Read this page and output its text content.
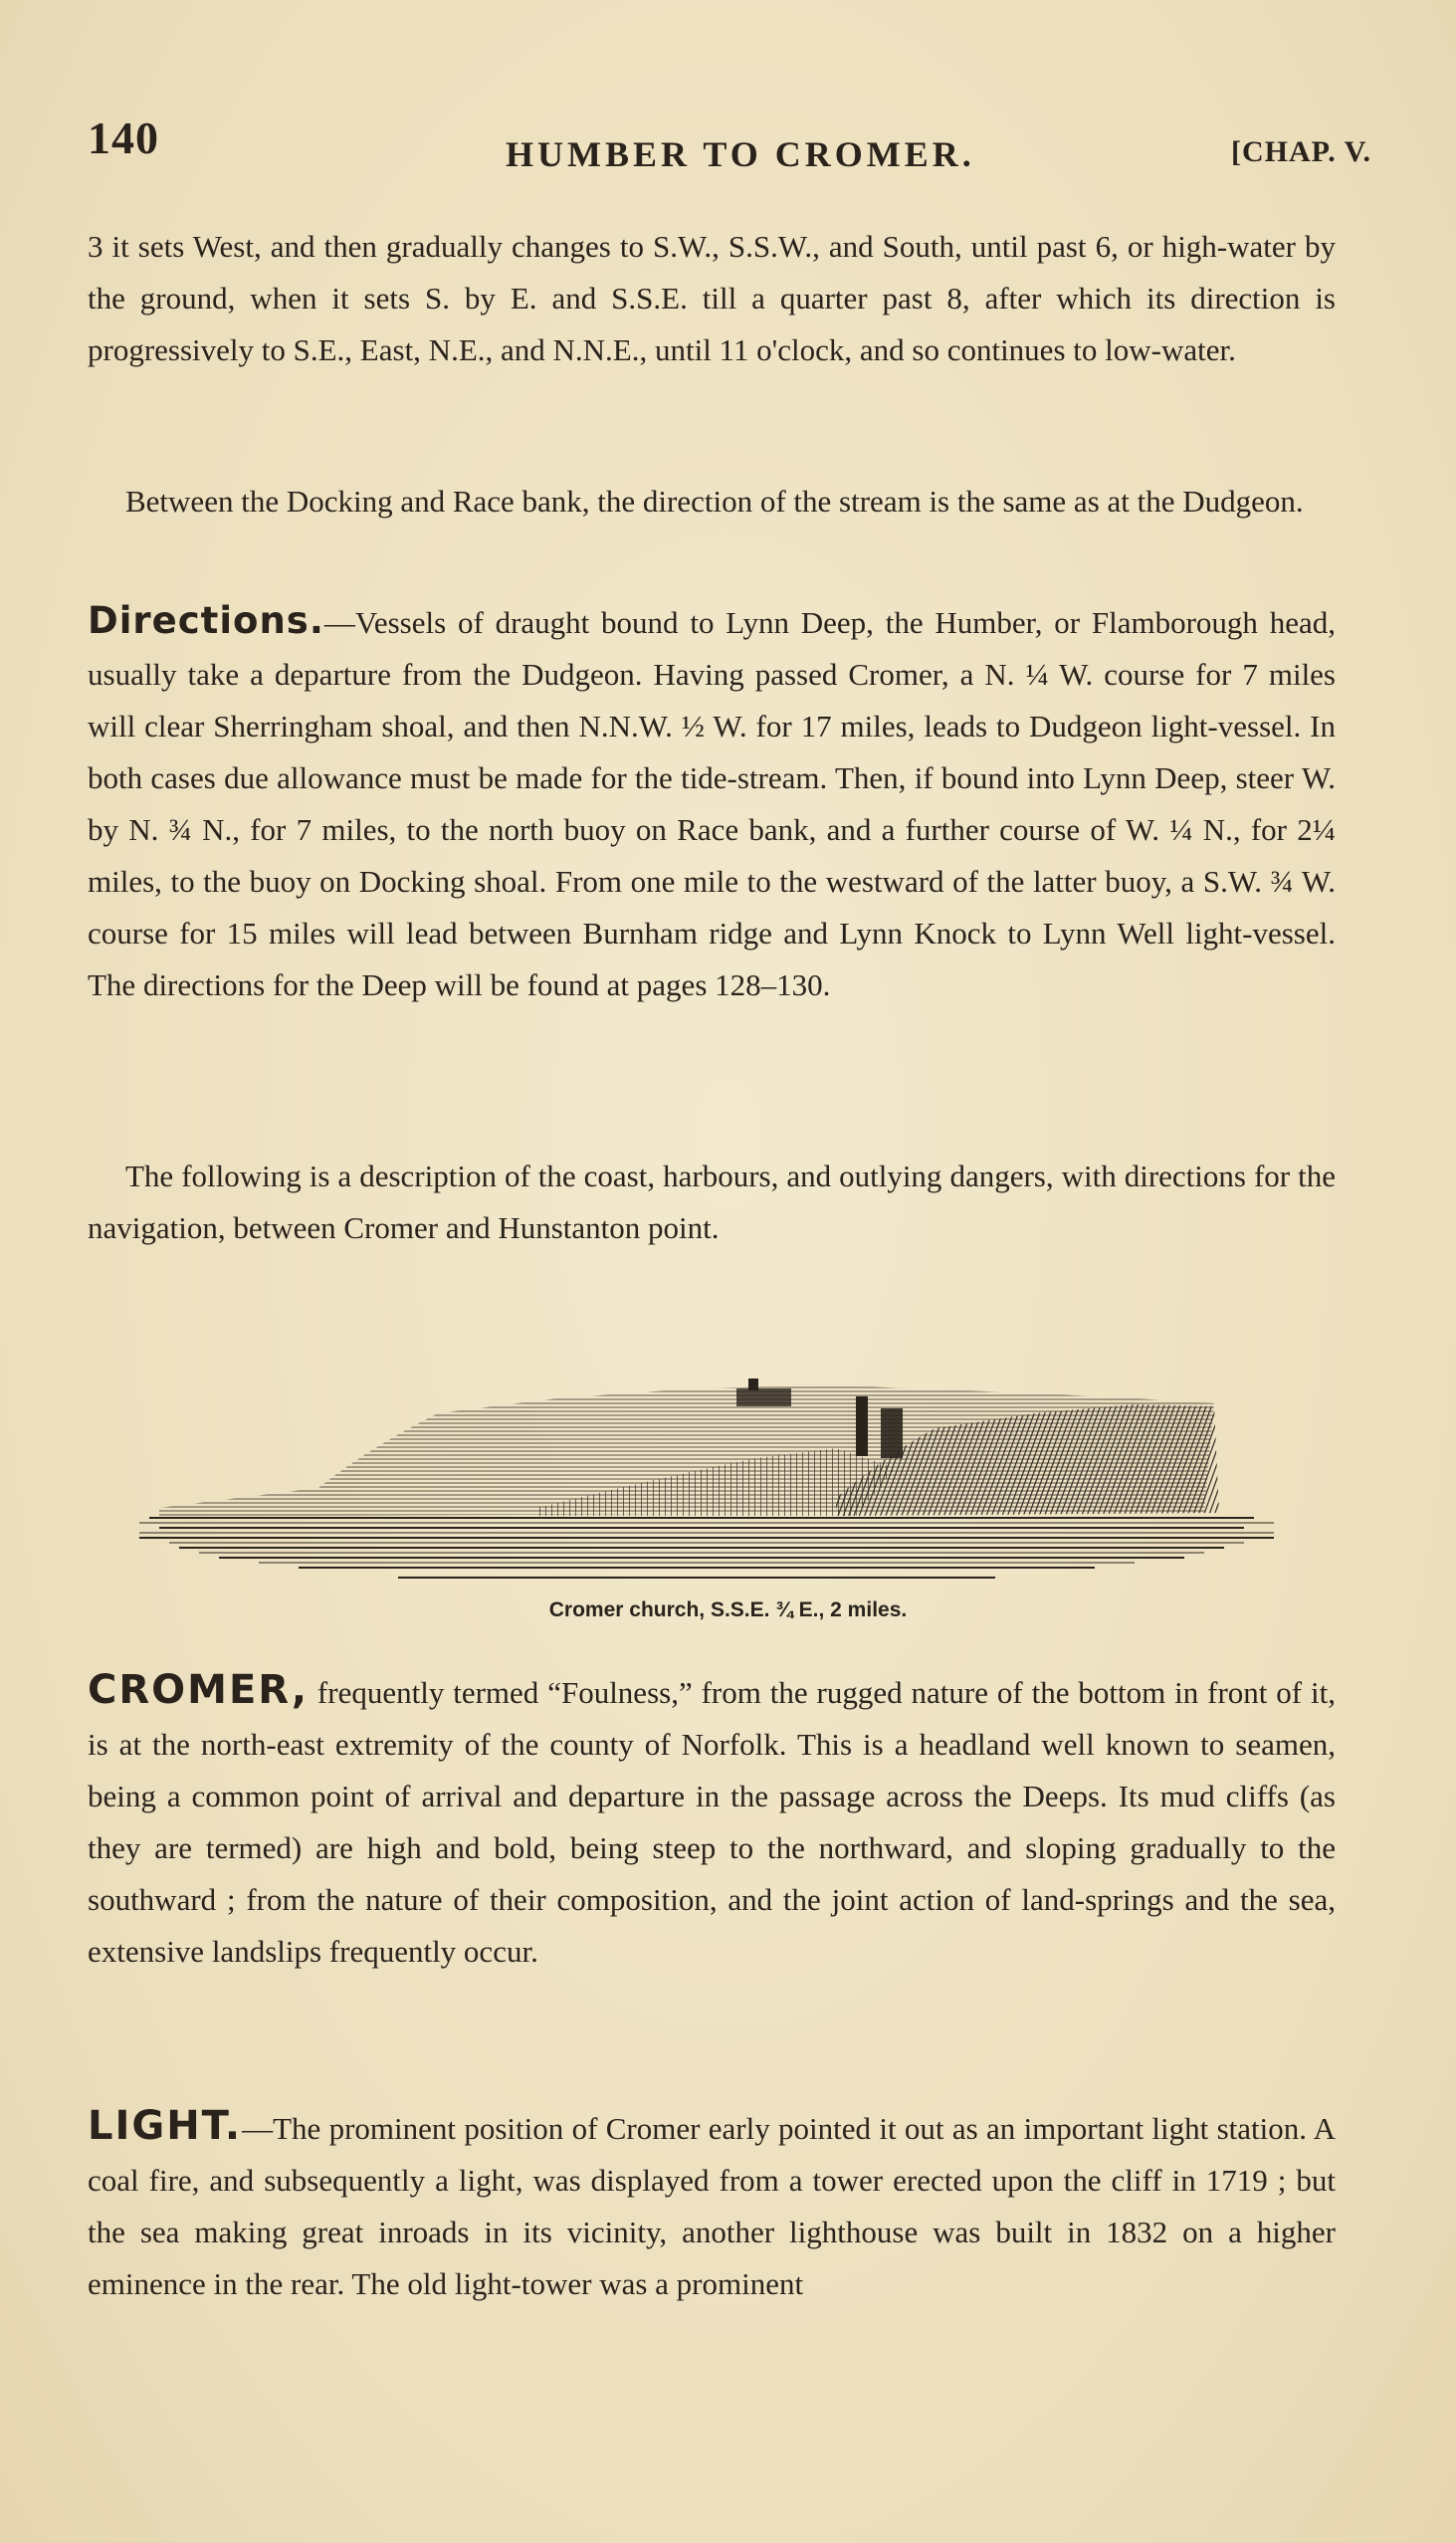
140	HUMBER TO CROMER.	[CHAP. V.

3 it sets West, and then gradually changes to S.W., S.S.W., and South, until past 6, or high-water by the ground, when it sets S. by E. and S.S.E. till a quarter past 8, after which its direction is progressively to S.E., East, N.E., and N.N.E., until 11 o'clock, and so continues to low-water.

Between the Docking and Race bank, the direction of the stream is the same as at the Dudgeon.

Directions.—Vessels of draught bound to Lynn Deep, the Humber, or Flamborough head, usually take a departure from the Dudgeon. Having passed Cromer, a N. ¼ W. course for 7 miles will clear Sherringham shoal, and then N.N.W. ½ W. for 17 miles, leads to Dudgeon light-vessel. In both cases due allowance must be made for the tide-stream. Then, if bound into Lynn Deep, steer W. by N. ¾ N., for 7 miles, to the north buoy on Race bank, and a further course of W. ¼ N., for 2¼ miles, to the buoy on Docking shoal. From one mile to the westward of the latter buoy, a S.W. ¾ W. course for 15 miles will lead between Burnham ridge and Lynn Knock to Lynn Well light-vessel. The directions for the Deep will be found at pages 128–130.

The following is a description of the coast, harbours, and outlying dangers, with directions for the navigation, between Cromer and Hunstanton point.

Cromer church, S.S.E. ¾ E., 2 miles.

CROMER, frequently termed “Foulness,” from the rugged nature of the bottom in front of it, is at the north-east extremity of the county of Norfolk. This is a headland well known to seamen, being a common point of arrival and departure in the passage across the Deeps. Its mud cliffs (as they are termed) are high and bold, being steep to the northward, and sloping gradually to the southward ; from the nature of their composition, and the joint action of land-springs and the sea, extensive landslips frequently occur.

LIGHT.—The prominent position of Cromer early pointed it out as an important light station. A coal fire, and subsequently a light, was displayed from a tower erected upon the cliff in 1719 ; but the sea making great inroads in its vicinity, another lighthouse was built in 1832 on a higher eminence in the rear. The old light-tower was a prominent
